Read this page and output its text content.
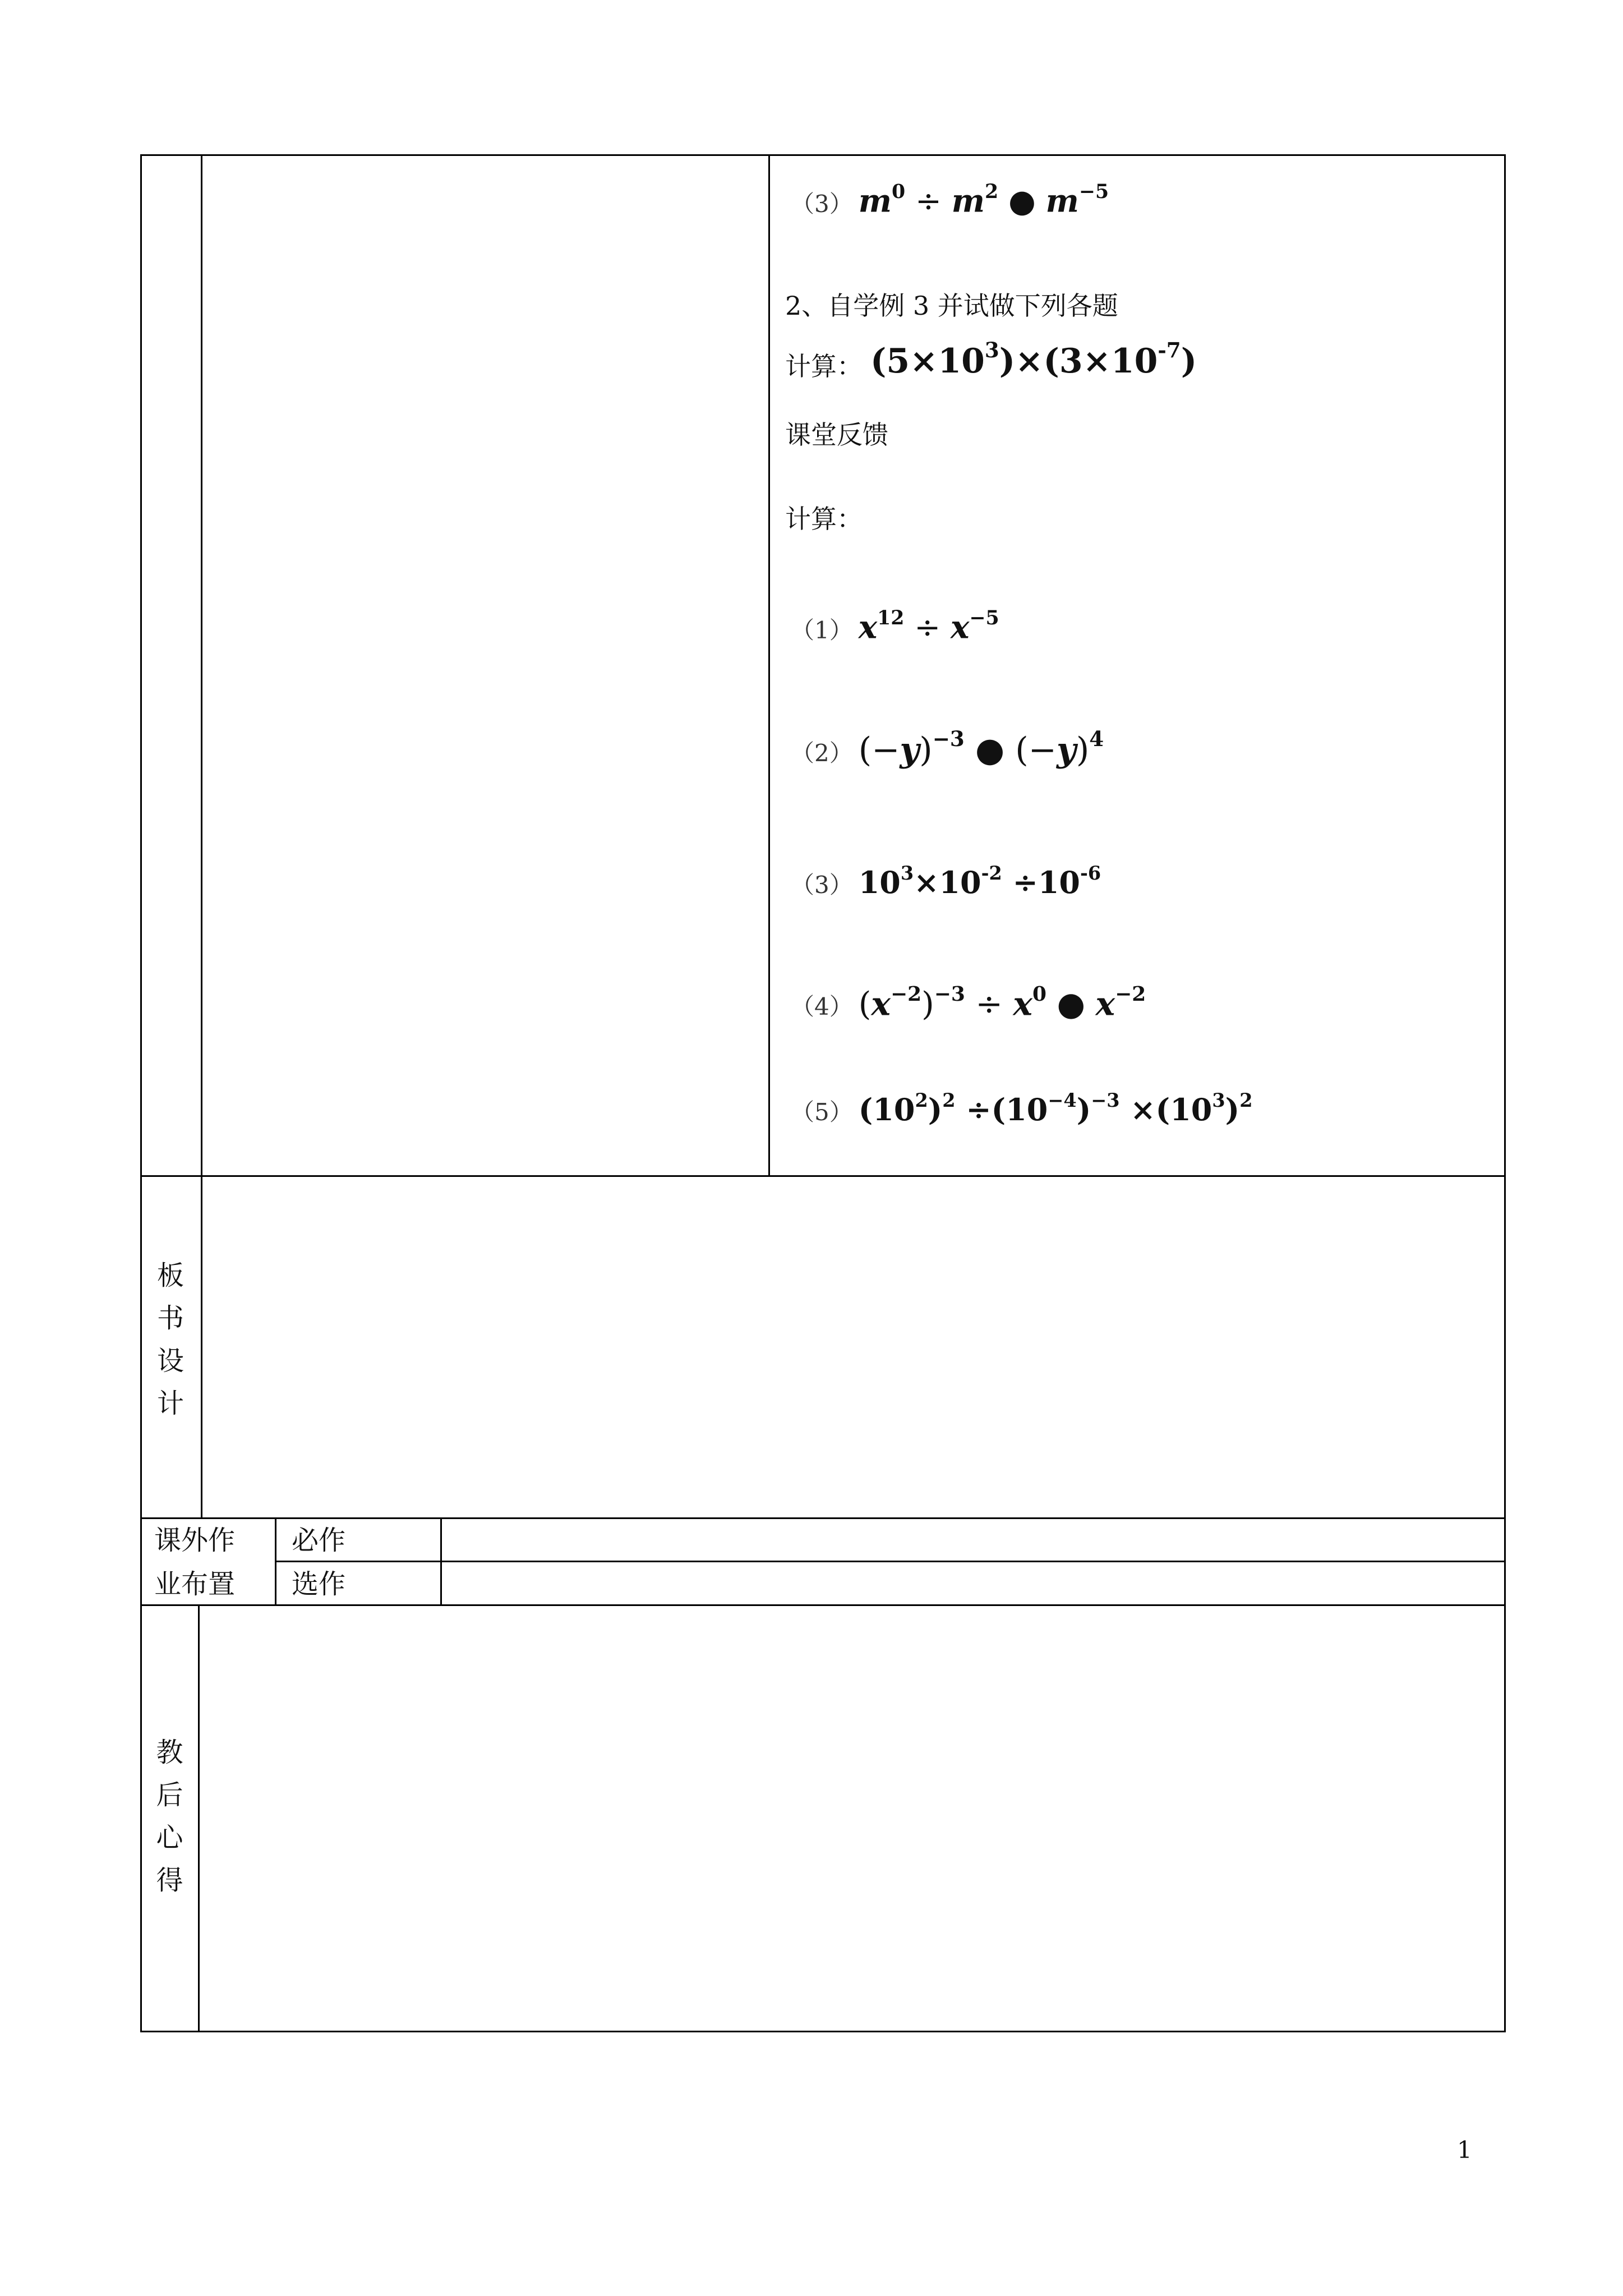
（3） $m^0 \div m^2$ ● $m^{-5}$
2、自学例 3 并试做下列各题
计算： $(5\times 10^3)\times(3\times 10^{-7})$
课堂反馈
计算：
（1） $x^{12} \div x^{-5}$
（2） $(-y)^{-3}$ ● $(-y)^4$
（3） $10^3\times 10^{-2} \div 10^{-6}$
（4） $(x^{-2})^{-3} \div x^0$ ● $x^{-2}$
（5） $(10^2)^2 \div(10^{-4})^{-3} \times(10^3)^2$
板
书
设
计
课外作
业布置
必作
选作
教
后
心
得
1
